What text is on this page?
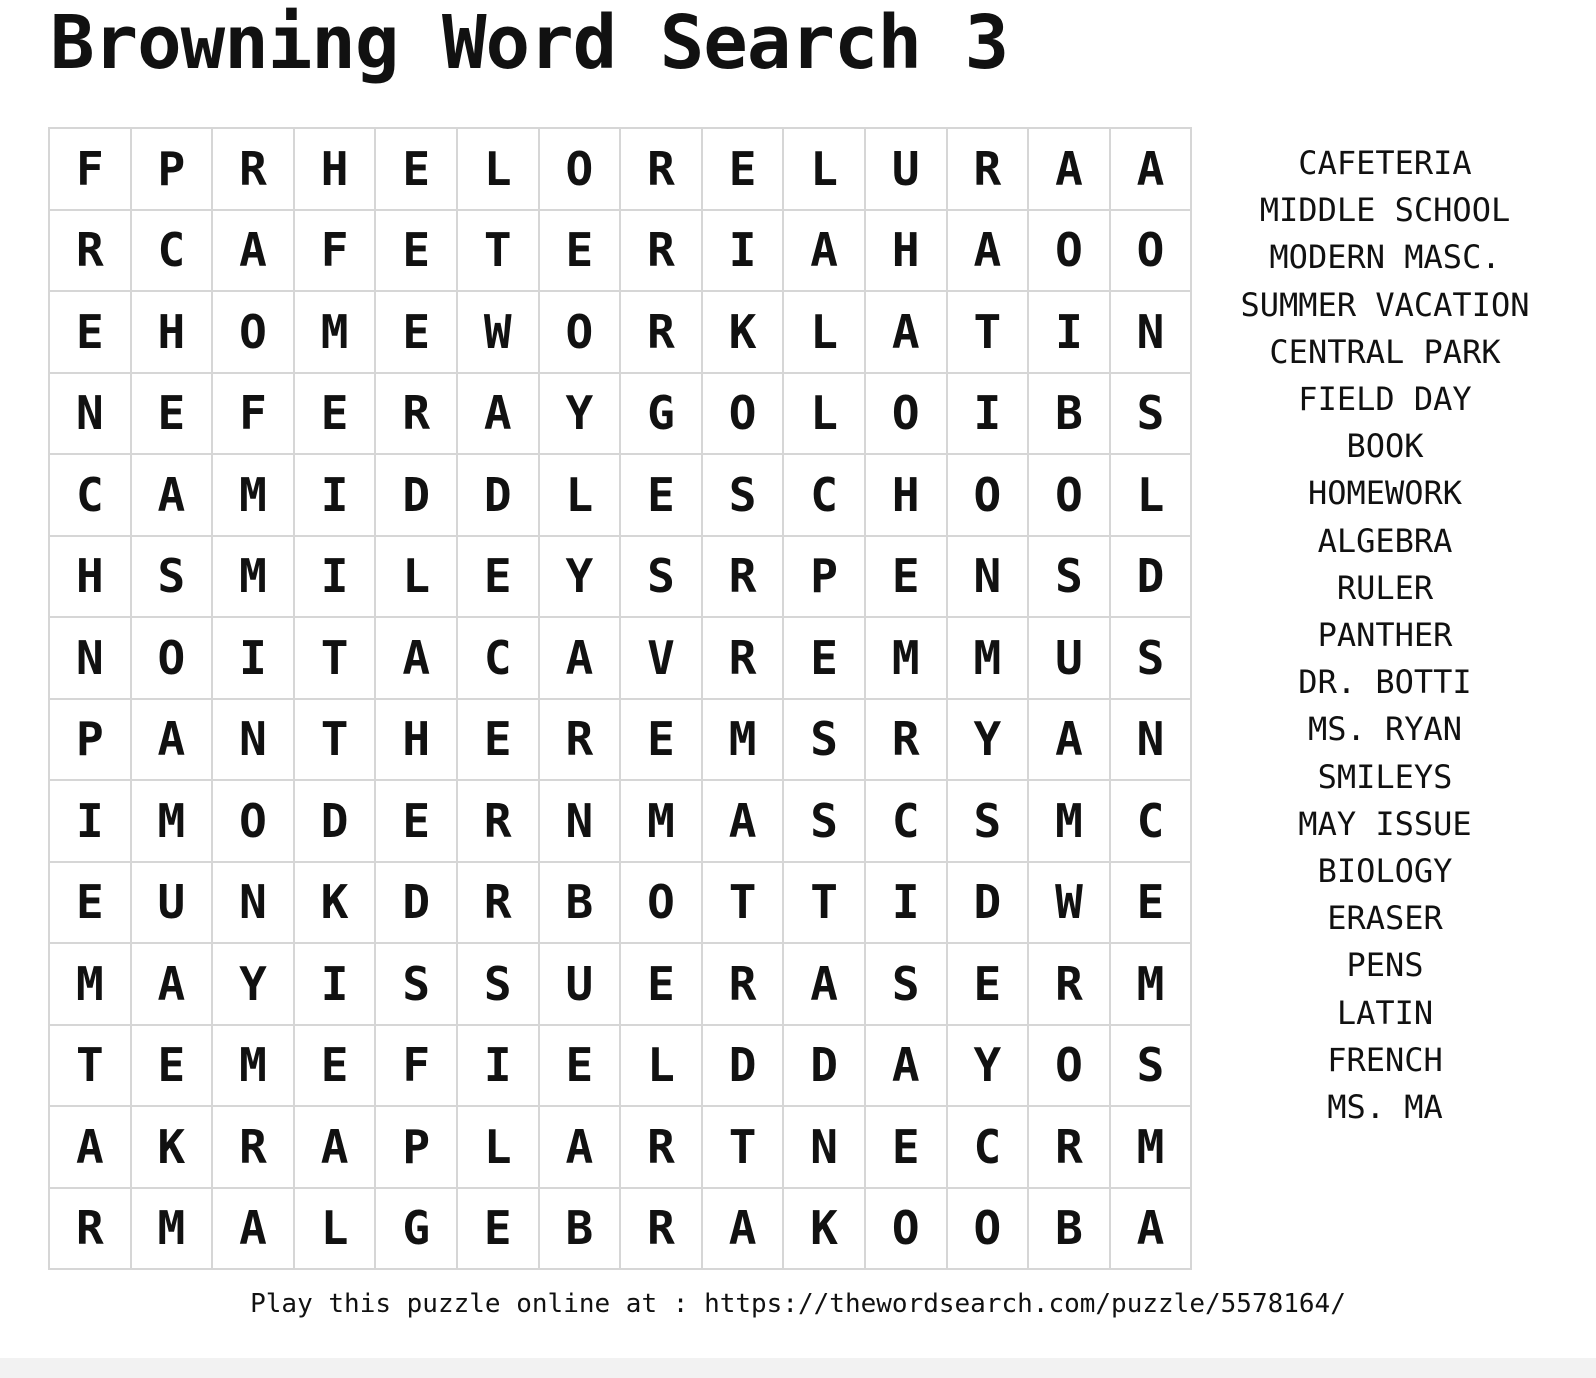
Browning Word Search 3
F	P	R	H	E	L	O	R	E	L	U	R	A	A
R	C	A	F	E	T	E	R	I	A	H	A	O	O
E	H	O	M	E	W	O	R	K	L	A	T	I	N
N	E	F	E	R	A	Y	G	O	L	O	I	B	S
C	A	M	I	D	D	L	E	S	C	H	O	O	L
H	S	M	I	L	E	Y	S	R	P	E	N	S	D
N	O	I	T	A	C	A	V	R	E	M	M	U	S
P	A	N	T	H	E	R	E	M	S	R	Y	A	N
I	M	O	D	E	R	N	M	A	S	C	S	M	C
E	U	N	K	D	R	B	O	T	T	I	D	W	E
M	A	Y	I	S	S	U	E	R	A	S	E	R	M
T	E	M	E	F	I	E	L	D	D	A	Y	O	S
A	K	R	A	P	L	A	R	T	N	E	C	R	M
R	M	A	L	G	E	B	R	A	K	O	O	B	A
CAFETERIA
MIDDLE SCHOOL
MODERN MASC.
SUMMER VACATION
CENTRAL PARK
FIELD DAY
BOOK
HOMEWORK
ALGEBRA
RULER
PANTHER
DR. BOTTI
MS. RYAN
SMILEYS
MAY ISSUE
BIOLOGY
ERASER
PENS
LATIN
FRENCH
MS. MA
Play this puzzle online at : https://thewordsearch.com/puzzle/5578164/
